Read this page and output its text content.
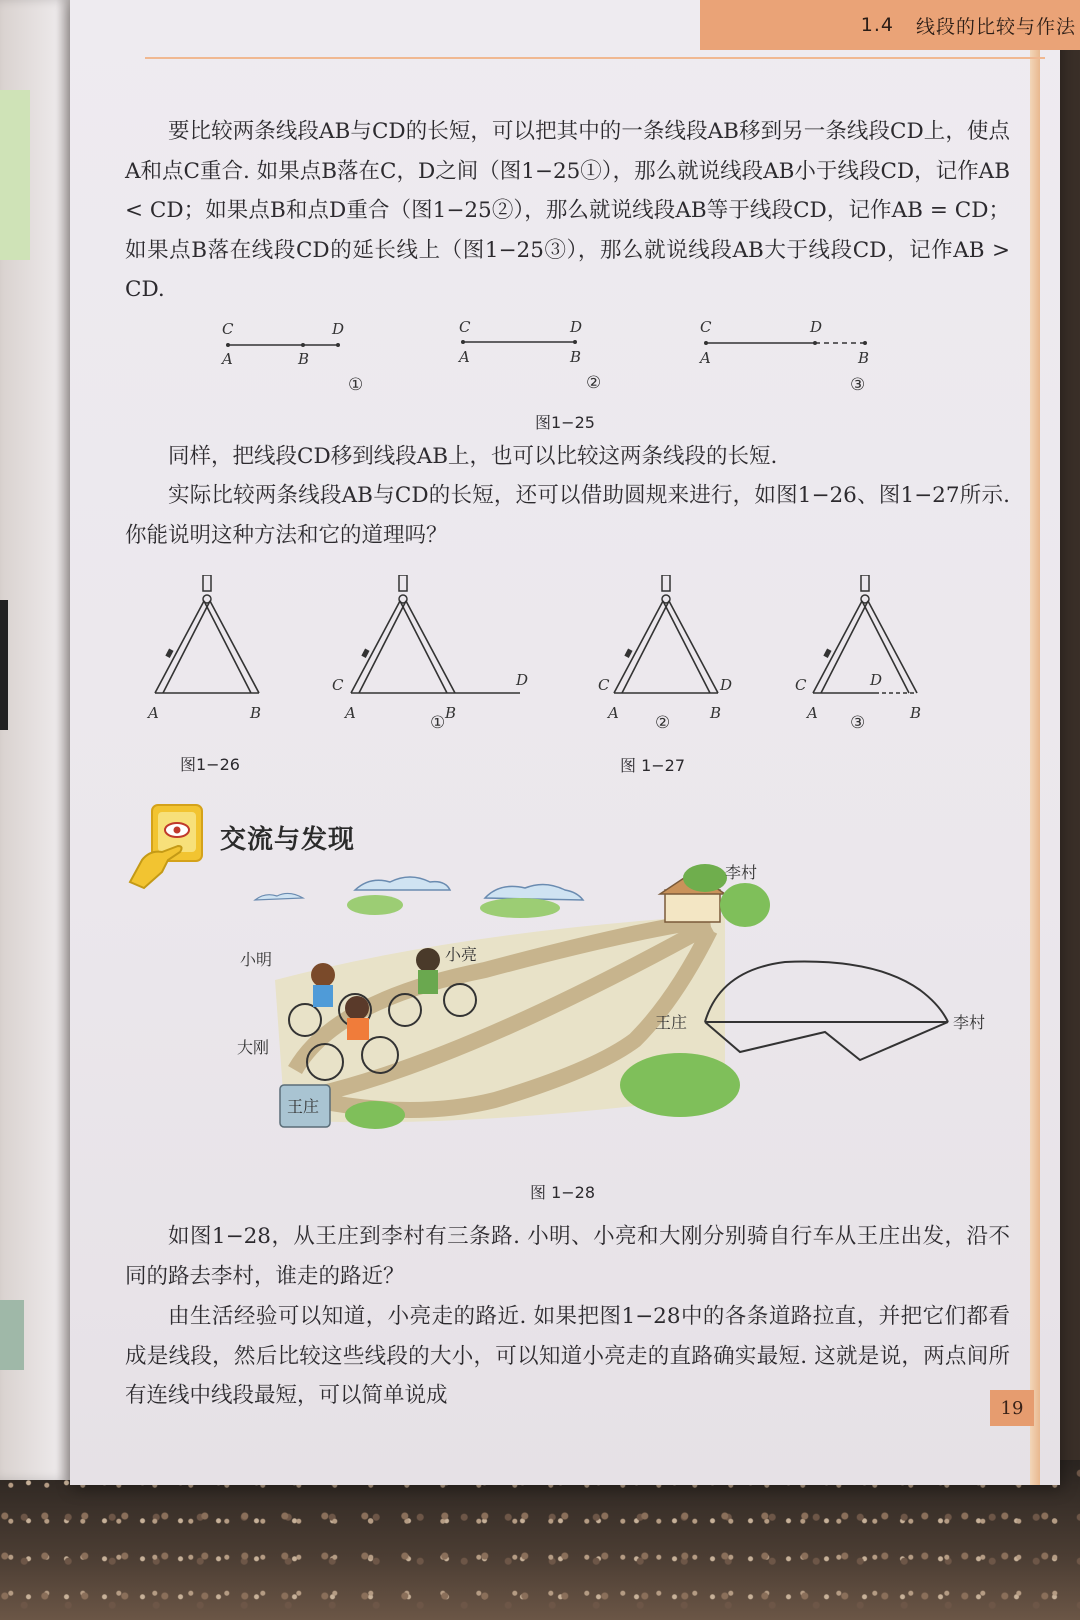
1.4 线段的比较与作法
要比较两条线段AB与CD的长短，可以把其中的一条线段AB移到另一条线段CD上，使点A和点C重合. 如果点B落在C，D之间（图1−25①），那么就说线段AB小于线段CD，记作AB < CD；如果点B和点D重合（图1−25②），那么就说线段AB等于线段CD，记作AB = CD；如果点B落在线段CD的延长线上（图1−25③），那么就说线段AB大于线段CD，记作AB > CD.
C	D
A	B
C	D
A	B
C	D
A	B
①	②	③
图1−25
同样，把线段CD移到线段AB上，也可以比较这两条线段的长短.
实际比较两条线段AB与CD的长短，还可以借助圆规来进行，如图1−26、图1−27所示. 你能说明这种方法和它的道理吗？
A	B
C	D
A	B
C	D
A	B
C	D
A	B
①	②	③
图1−26	图 1−27
交流与发现
王庄
李村
小明	小亮
大刚
王庄	李村
图 1−28
如图1−28，从王庄到李村有三条路. 小明、小亮和大刚分别骑自行车从王庄出发，沿不同的路去李村，谁走的路近？
由生活经验可以知道，小亮走的路近. 如果把图1−28中的各条道路拉直，并把它们都看成是线段，然后比较这些线段的大小，可以知道小亮走的直路确实最短. 这就是说，两点间所有连线中线段最短，可以简单说成	19
